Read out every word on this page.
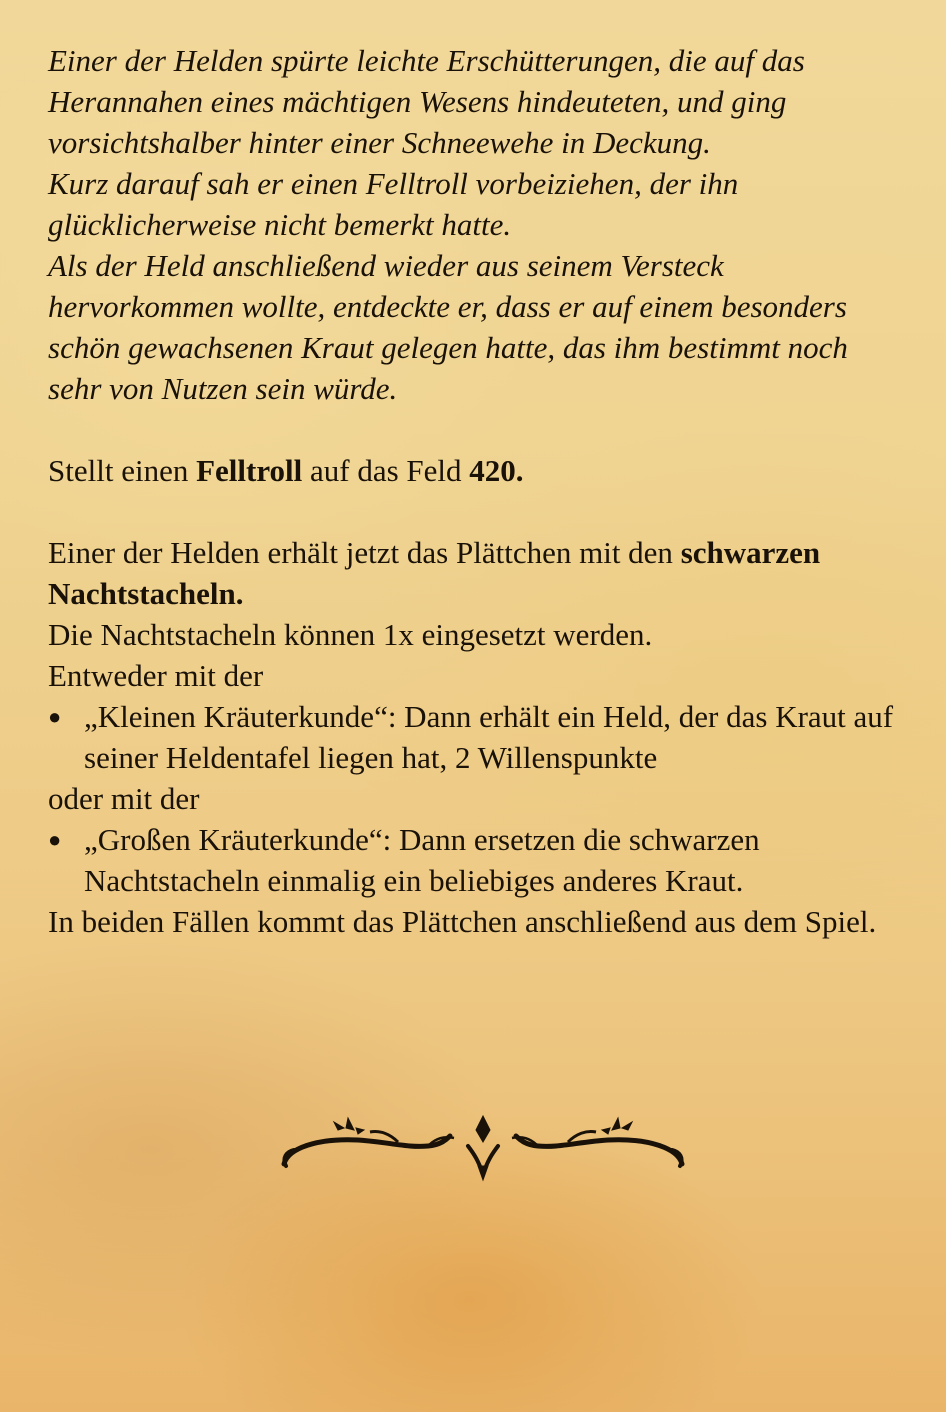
Einer der Helden spürte leichte Erschütterungen, die auf das Herannahen eines mächtigen Wesens hindeuteten, und ging vorsichtshalber hinter einer Schneewehe in Deckung.

Kurz darauf sah er einen Felltroll vorbeiziehen, der ihn glücklicherweise nicht bemerkt hatte.

Als der Held anschließend wieder aus seinem Versteck hervorkommen wollte, entdeckte er, dass er auf einem besonders schön gewachsenen Kraut gelegen hatte, das ihm bestimmt noch sehr von Nutzen sein würde.

Stellt einen Felltroll auf das Feld 420.

Einer der Helden erhält jetzt das Plättchen mit den schwarzen Nachtstacheln.

Die Nachtstacheln können 1x eingesetzt werden.

Entweder mit der

● „Kleinen Kräuterkunde“: Dann erhält ein Held, der das Kraut auf seiner Heldentafel liegen hat, 2 Willenspunkte

oder mit der

● „Großen Kräuterkunde“: Dann ersetzen die schwarzen Nachtstacheln einmalig ein beliebiges anderes Kraut.

In beiden Fällen kommt das Plättchen anschließend aus dem Spiel.
